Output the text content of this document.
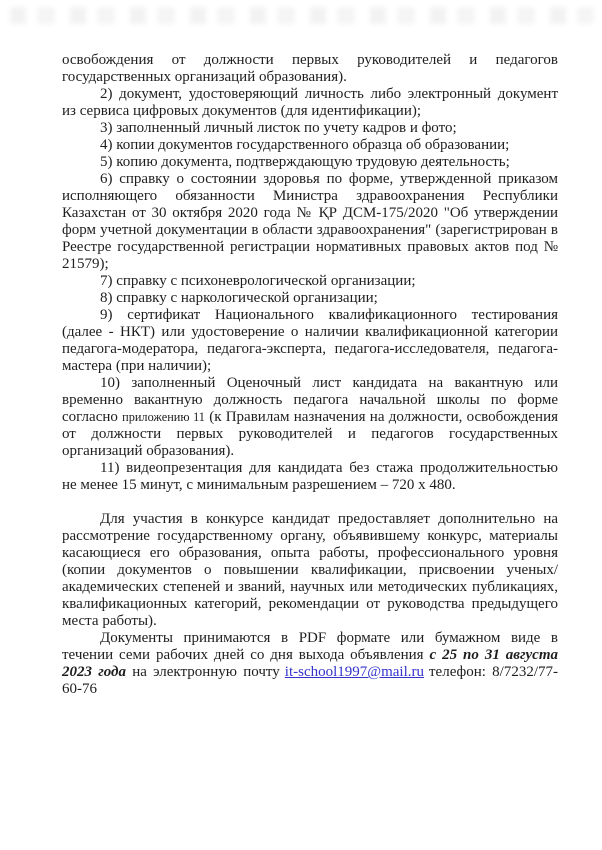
освобождения от должности первых руководителей и педагогов

государственных организаций образования).

2) документ, удостоверяющий личность либо электронный документ из сервиса цифровых документов (для идентификации);

3) заполненный личный листок по учету кадров и фото;

4) копии документов государственного образца об образовании;

5) копию документа, подтверждающую трудовую деятельность;

6) справку о состоянии здоровья по форме, утвержденной приказом исполняющего обязанности Министра здравоохранения Республики Казахстан от 30 октября 2020 года № ҚР ДСМ-175/2020 "Об утверждении форм учетной документации в области здравоохранения" (зарегистрирован в Реестре государственной регистрации нормативных правовых актов под № 21579);

7) справку с психоневрологической организации;

8) справку с наркологической организации;

9) сертификат Национального квалификационного тестирования (далее - НКТ) или удостоверение о наличии квалификационной категории педагога-модератора, педагога-эксперта, педагога-исследователя, педагога-мастера (при наличии);

10) заполненный Оценочный лист кандидата на вакантную или временно вакантную должность педагога начальной школы по форме согласно приложению 11 (к Правилам назначения на должности, освобождения от должности первых руководителей и педагогов государственных организаций образования).

11) видеопрезентация для кандидата без стажа продолжительностью не менее 15 минут, с минимальным разрешением – 720 х 480.

Для участия в конкурсе кандидат предоставляет дополнительно на рассмотрение государственному органу, объявившему конкурс, материалы касающиеся его образования, опыта работы, профессионального уровня (копии документов о повышении квалификации, присвоении ученых/академических степеней и званий, научных или методических публикациях, квалификационных категорий, рекомендации от руководства предыдущего места работы).

Документы принимаются в PDF формате или бумажном виде в течении семи рабочих дней со дня выхода объявления с 25 по 31 августа 2023 года на электронную почту it-school1997@mail.ru телефон: 8/7232/77-60-76
